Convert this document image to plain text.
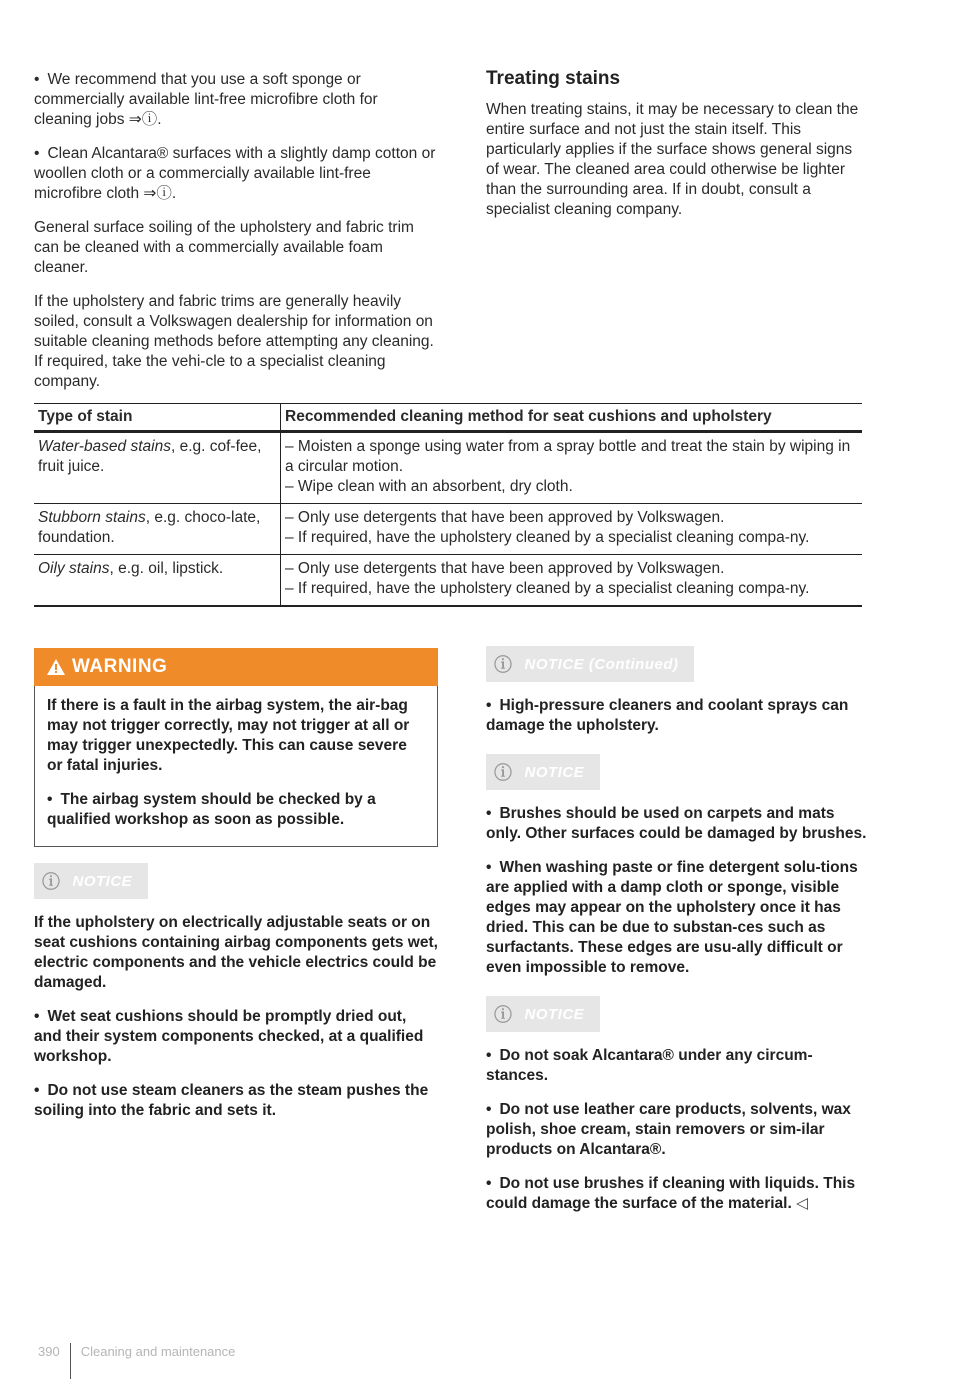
• We recommend that you use a soft sponge or commercially available lint-free microfibre cloth for cleaning jobs ⇒ⓘ.

• Clean Alcantara® surfaces with a slightly damp cotton or woollen cloth or a commercially available lint-free microfibre cloth ⇒ⓘ.

General surface soiling of the upholstery and fabric trim can be cleaned with a commercially available foam cleaner.

If the upholstery and fabric trims are generally heavily soiled, consult a Volkswagen dealership for information on suitable cleaning methods before attempting any cleaning. If required, take the vehi-cle to a specialist cleaning company.

Treating stains

When treating stains, it may be necessary to clean the entire surface and not just the stain itself. This particularly applies if the surface shows general signs of wear. The cleaned area could otherwise be lighter than the surrounding area. If in doubt, consult a specialist cleaning company.

Type of stain	Recommended cleaning method for seat cushions and upholstery
Water-based stains, e.g. cof-fee, fruit juice.	– Moisten a sponge using water from a spray bottle and treat the stain by wiping in a circular motion.
– Wipe clean with an absorbent, dry cloth.

Stubborn stains, e.g. choco-late, foundation.	– Only use detergents that have been approved by Volkswagen.
– If required, have the upholstery cleaned by a specialist cleaning compa-ny.

Oily stains, e.g. oil, lipstick.	– Only use detergents that have been approved by Volkswagen.
– If required, have the upholstery cleaned by a specialist cleaning compa-ny.
WARNING

If there is a fault in the airbag system, the air-bag may not trigger correctly, may not trigger at all or may trigger unexpectedly. This can cause severe or fatal injuries.

• The airbag system should be checked by a qualified workshop as soon as possible.

ⓘ NOTICE

If the upholstery on electrically adjustable seats or on seat cushions containing airbag components gets wet, electric components and the vehicle electrics could be damaged.

• Wet seat cushions should be promptly dried out, and their system components checked, at a qualified workshop.

• Do not use steam cleaners as the steam pushes the soiling into the fabric and sets it.

ⓘ NOTICE (Continued)

• High-pressure cleaners and coolant sprays can damage the upholstery.

ⓘ NOTICE

• Brushes should be used on carpets and mats only. Other surfaces could be damaged by brushes.

• When washing paste or fine detergent solu-tions are applied with a damp cloth or sponge, visible edges may appear on the upholstery once it has dried. This can be due to substan-ces such as surfactants. These edges are usu-ally difficult or even impossible to remove.

ⓘ NOTICE

• Do not soak Alcantara® under any circum-stances.

• Do not use leather care products, solvents, wax polish, shoe cream, stain removers or sim-ilar products on Alcantara®.

• Do not use brushes if cleaning with liquids. This could damage the surface of the material. ◁

390 Cleaning and maintenance
